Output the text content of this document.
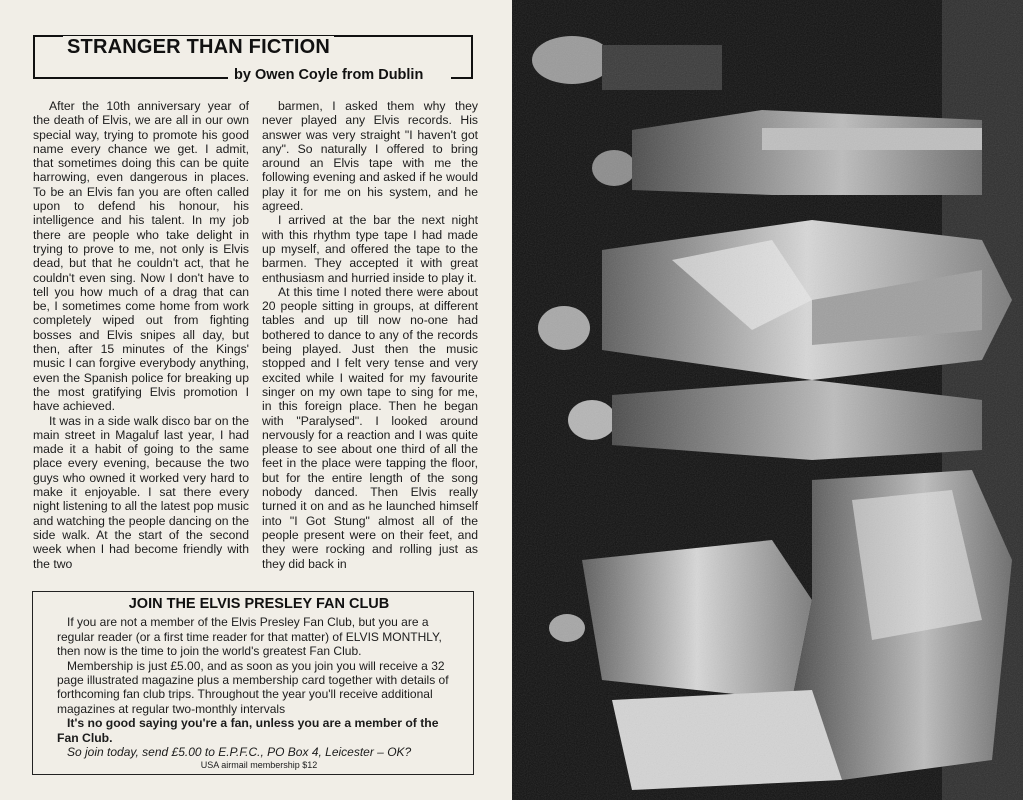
STRANGER THAN FICTION
by Owen Coyle from Dublin

After the 10th anniversary year of the death of Elvis, we are all in our own special way, trying to promote his good name every chance we get. I admit, that sometimes doing this can be quite harrowing, even dangerous in places. To be an Elvis fan you are often called upon to defend his honour, his intelligence and his talent. In my job there are people who take delight in trying to prove to me, not only is Elvis dead, but that he couldn't act, that he couldn't even sing. Now I don't have to tell you how much of a drag that can be, I sometimes come home from work completely wiped out from fighting bosses and Elvis snipes all day, but then, after 15 minutes of the Kings' music I can forgive everybody anything, even the Spanish police for breaking up the most gratifying Elvis promotion I have achieved.

It was in a side walk disco bar on the main street in Magaluf last year, I had made it a habit of going to the same place every evening, because the two guys who owned it worked very hard to make it enjoyable. I sat there every night listening to all the latest pop music and watching the people dancing on the side walk. At the start of the second week when I had become friendly with the two

barmen, I asked them why they never played any Elvis records. His answer was very straight "I haven't got any". So naturally I offered to bring around an Elvis tape with me the following evening and asked if he would play it for me on his system, and he agreed.

I arrived at the bar the next night with this rhythm type tape I had made up myself, and offered the tape to the barmen. They accepted it with great enthusiasm and hurried inside to play it.

At this time I noted there were about 20 people sitting in groups, at different tables and up till now no-one had bothered to dance to any of the records being played. Just then the music stopped and I felt very tense and very excited while I waited for my favourite singer on my own tape to sing for me, in this foreign place. Then he began with "Paralysed". I looked around nervously for a reaction and I was quite please to see about one third of all the feet in the place were tapping the floor, but for the entire length of the song nobody danced. Then Elvis really turned it on and as he launched himself into "I Got Stung" almost all of the people present were on their feet, and they were rocking and rolling just as they did back in

JOIN THE ELVIS PRESLEY FAN CLUB

If you are not a member of the Elvis Presley Fan Club, but you are a regular reader (or a first time reader for that matter) of ELVIS MONTHLY, then now is the time to join the world's greatest Fan Club.

Membership is just £5.00, and as soon as you join you will receive a 32 page illustrated magazine plus a membership card together with details of forthcoming fan club trips. Throughout the year you'll receive additional magazines at regular two-monthly intervals

It's no good saying you're a fan, unless you are a member of the Fan Club.

So join today, send £5.00 to E.P.F.C., PO Box 4, Leicester – OK?

USA airmail membership $12
